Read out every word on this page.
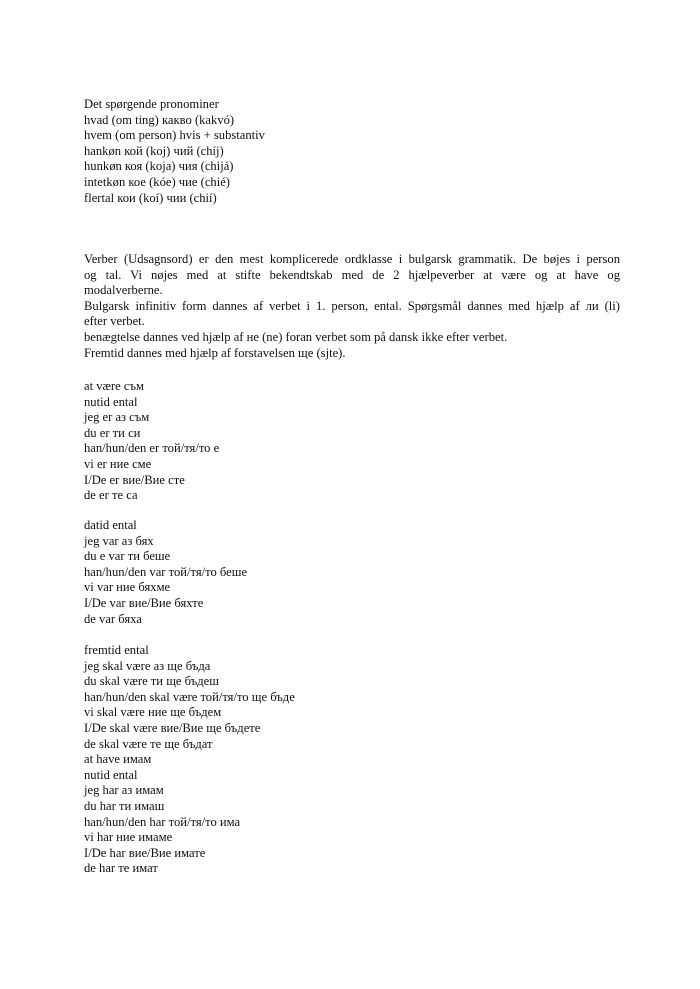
Det spørgende pronominer
hvad (om ting) какво (kakvó)
hvem (om person) hvis + substantiv
hankøn кой (koj) чий (chíj)
hunkøn коя (koja) чия (chijá)
intetkøn кое (kóe) чие (chié)
flertal кои (koí) чии (chií)
Verber (Udsagnsord) er den mest komplicerede ordklasse i bulgarsk grammatik. De bøjes i person
og tal. Vi nøjes med at stifte bekendtskab med de 2 hjælpeverber at være og at have og
modalverberne.
Bulgarsk infinitiv form dannes af verbet i 1. person, ental. Spørgsmål dannes med hjælp af ли (li)
efter verbet.
benægtelse dannes ved hjælp af не (ne) foran verbet som på dansk ikke efter verbet.
Fremtid dannes med hjælp af forstavelsen ще (sjte).
at være съм
nutid ental
jeg er аз съм
du er ти си
han/hun/den er той/тя/то е
vi er ние сме
I/De er вие/Вие сте
de er те са
datid ental
jeg var аз бях
du e var ти беше
han/hun/den var той/тя/то беше
vi var ние бяхме
I/De var вие/Вие бяхте
de var бяха
fremtid ental
jeg skal være аз ще бъда
du skal være ти ще бъдеш
han/hun/den skal være той/тя/то ще бъде
vi skal være ние ще бъдем
I/De skal være вие/Вие ще бъдете
de skal være те ще бъдат
at have имам
nutid ental
jeg har аз имам
du har ти имаш
han/hun/den har той/тя/то има
vi har ние имаме
I/De har вие/Вие имате
de har те имат
